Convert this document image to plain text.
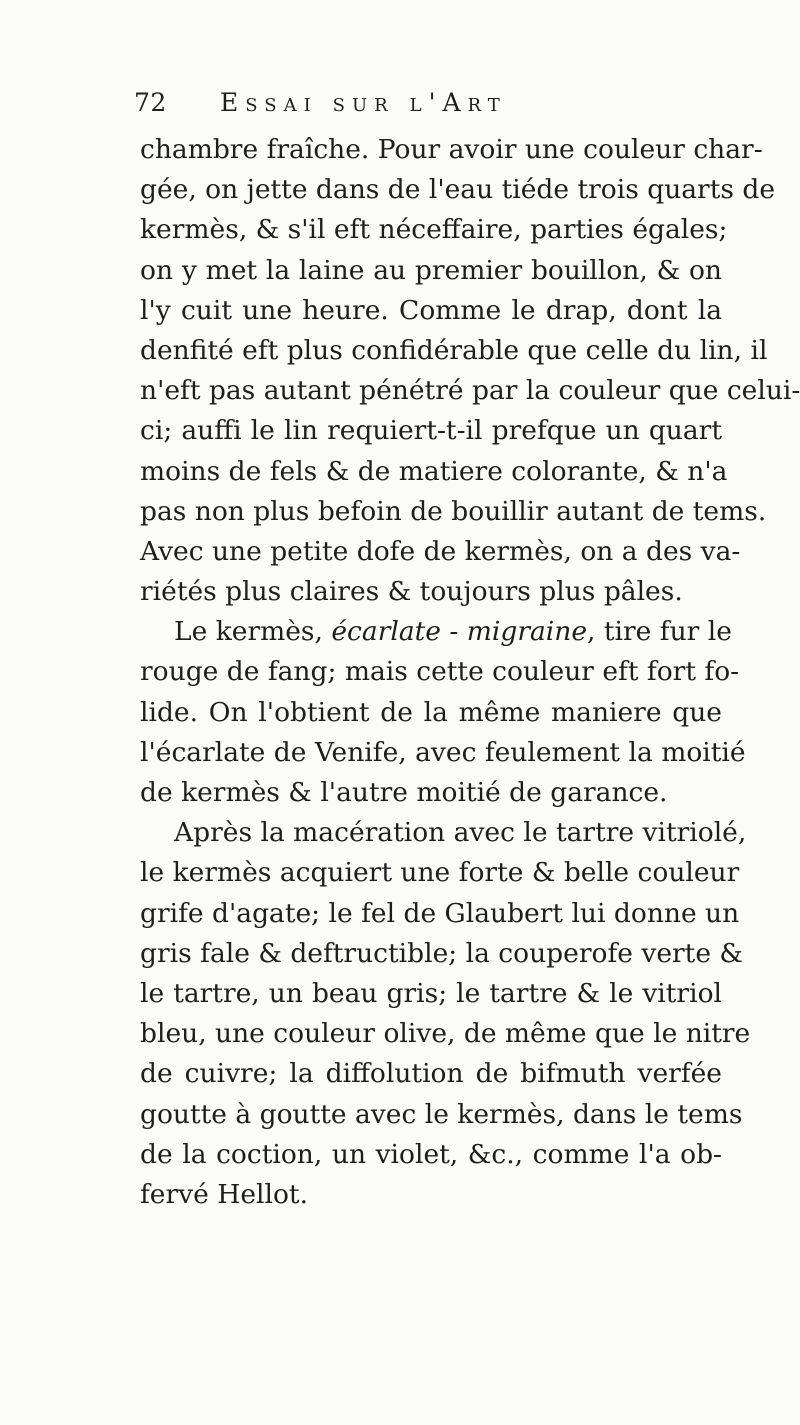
72 Essai sur l'Art
chambre fraîche. Pour avoir une couleur char-
gée, on jette dans de l'eau tiéde trois quarts de
kermès, & s'il eft néceffaire, parties égales;
on y met la laine au premier bouillon, & on
l'y cuit une heure. Comme le drap, dont la
denfité eft plus confidérable que celle du lin, il
n'eft pas autant pénétré par la couleur que celui-
ci; auffi le lin requiert-t-il prefque un quart
moins de fels & de matiere colorante, & n'a
pas non plus befoin de bouillir autant de tems.
Avec une petite dofe de kermès, on a des va-
riétés plus claires & toujours plus pâles.
Le kermès, écarlate - migraine, tire fur le
rouge de fang; mais cette couleur eft fort fo-
lide. On l'obtient de la même maniere que
l'écarlate de Venife, avec feulement la moitié
de kermès & l'autre moitié de garance.
Après la macération avec le tartre vitriolé,
le kermès acquiert une forte & belle couleur
grife d'agate; le fel de Glaubert lui donne un
gris fale & deftructible; la couperofe verte &
le tartre, un beau gris; le tartre & le vitriol
bleu, une couleur olive, de même que le nitre
de cuivre; la diffolution de bifmuth verfée
goutte à goutte avec le kermès, dans le tems
de la coction, un violet, &c., comme l'a ob-
fervé Hellot.
